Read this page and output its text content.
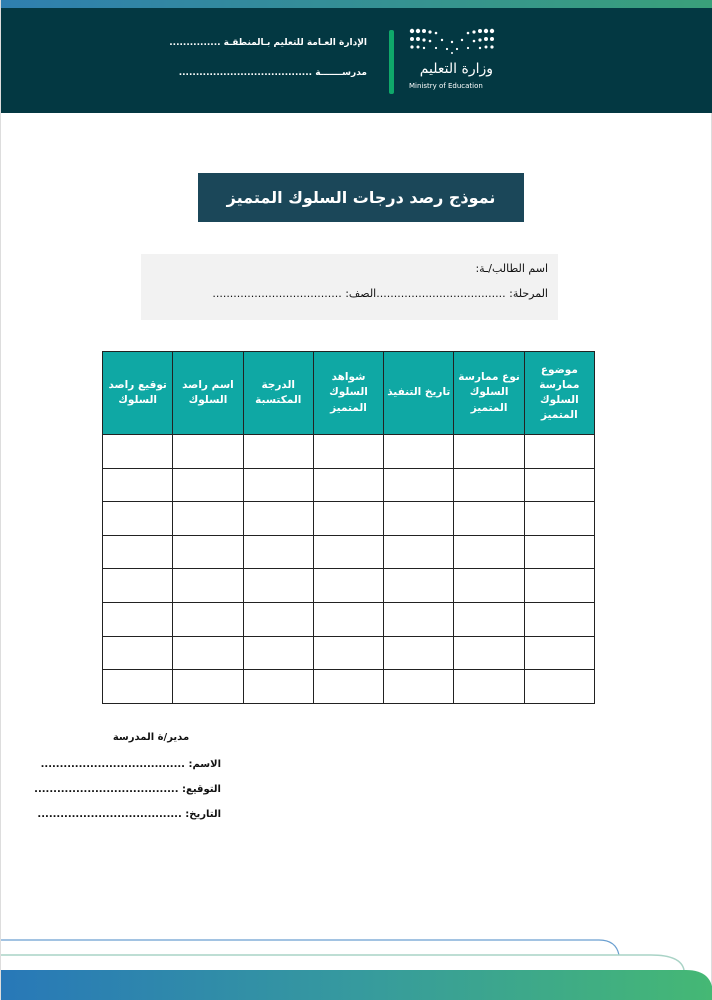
الإدارة العـامة للتعليم بـالمنطقـة ...............
مدرســـــــة .......................................	وزارة التعليم
Ministry of Education
نموذج رصد درجات السلوك المتميز
اسم الطالب/ـة:
المرحلة: .....................................الصف: .....................................
موضوع ممارسة السلوك المتميز	نوع ممارسة السلوك المتميز	تاريخ التنفيذ	شواهد السلوك المتميز	الدرجة المكتسبة	اسم راصد السلوك	توقيع راصد السلوك

مدير/ة المدرسة
الاسم: ......................................
التوقيع: ......................................
التاريخ: ......................................
